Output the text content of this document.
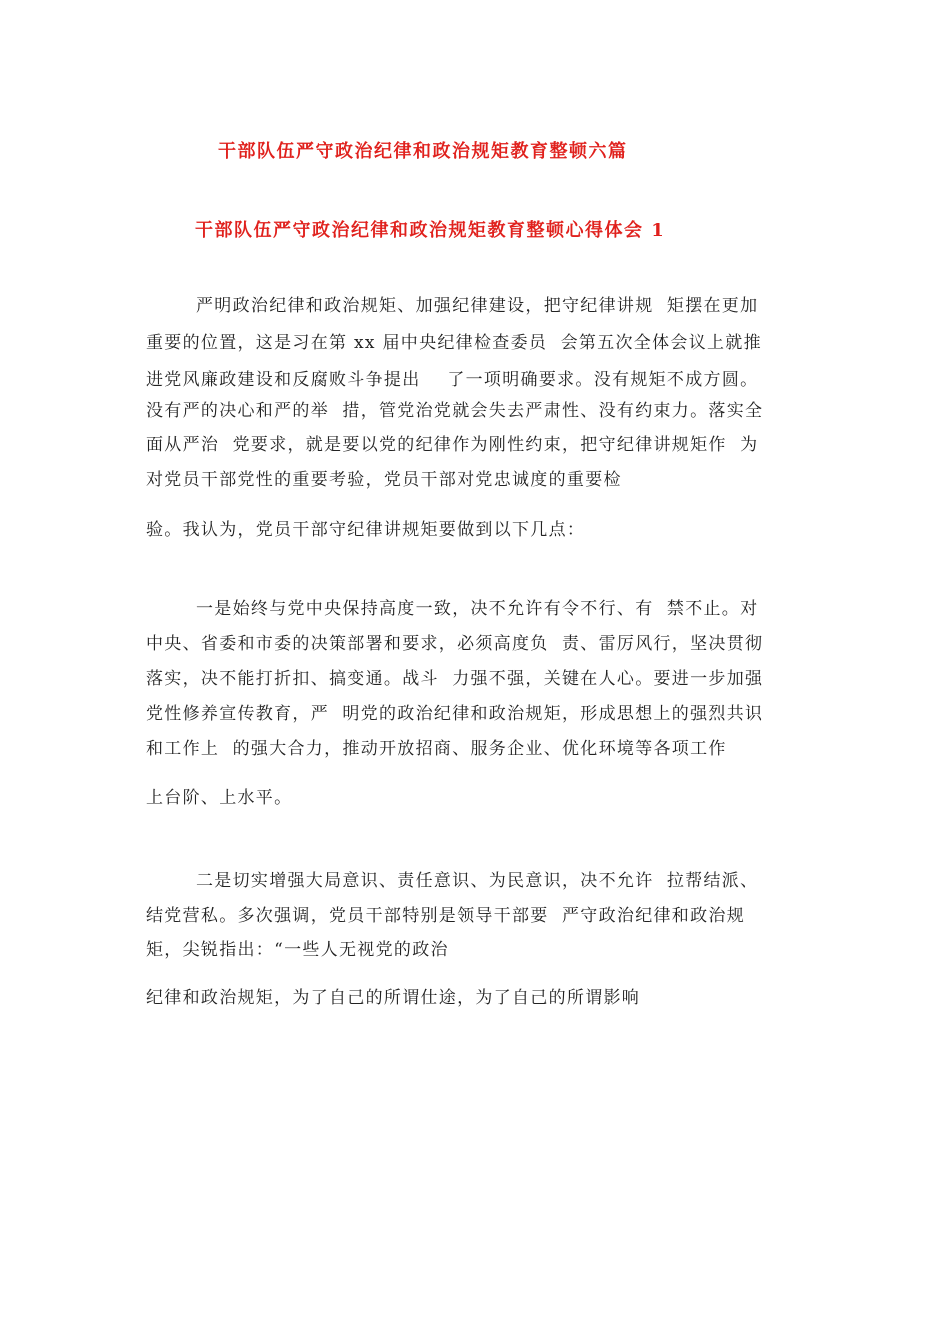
干部队伍严守政治纪律和政治规矩教育整顿六篇
干部队伍严守政治纪律和政治规矩教育整顿心得体会 1
严明政治纪律和政治规矩、加强纪律建设，把守纪律讲规  矩摆在更加
重要的位置，这是习在第 xx 届中央纪律检查委员  会第五次全体会议上就推
进党风廉政建设和反腐败斗争提出    了一项明确要求。没有规矩不成方圆。
没有严的决心和严的举  措，管党治党就会失去严肃性、没有约束力。落实全
面从严治  党要求，就是要以党的纪律作为刚性约束，把守纪律讲规矩作  为
对党员干部党性的重要考验，党员干部对党忠诚度的重要检
验。我认为，党员干部守纪律讲规矩要做到以下几点：
一是始终与党中央保持高度一致，决不允许有令不行、有  禁不止。对
中央、省委和市委的决策部署和要求，必须高度负  责、雷厉风行，坚决贯彻
落实，决不能打折扣、搞变通。战斗  力强不强，关键在人心。要进一步加强
党性修养宣传教育，严  明党的政治纪律和政治规矩，形成思想上的强烈共识
和工作上  的强大合力，推动开放招商、服务企业、优化环境等各项工作
上台阶、上水平。
二是切实增强大局意识、责任意识、为民意识，决不允许  拉帮结派、
结党营私。多次强调，党员干部特别是领导干部要  严守政治纪律和政治规
矩，尖锐指出：“一些人无视党的政治
纪律和政治规矩，为了自己的所谓仕途，为了自己的所谓影响
